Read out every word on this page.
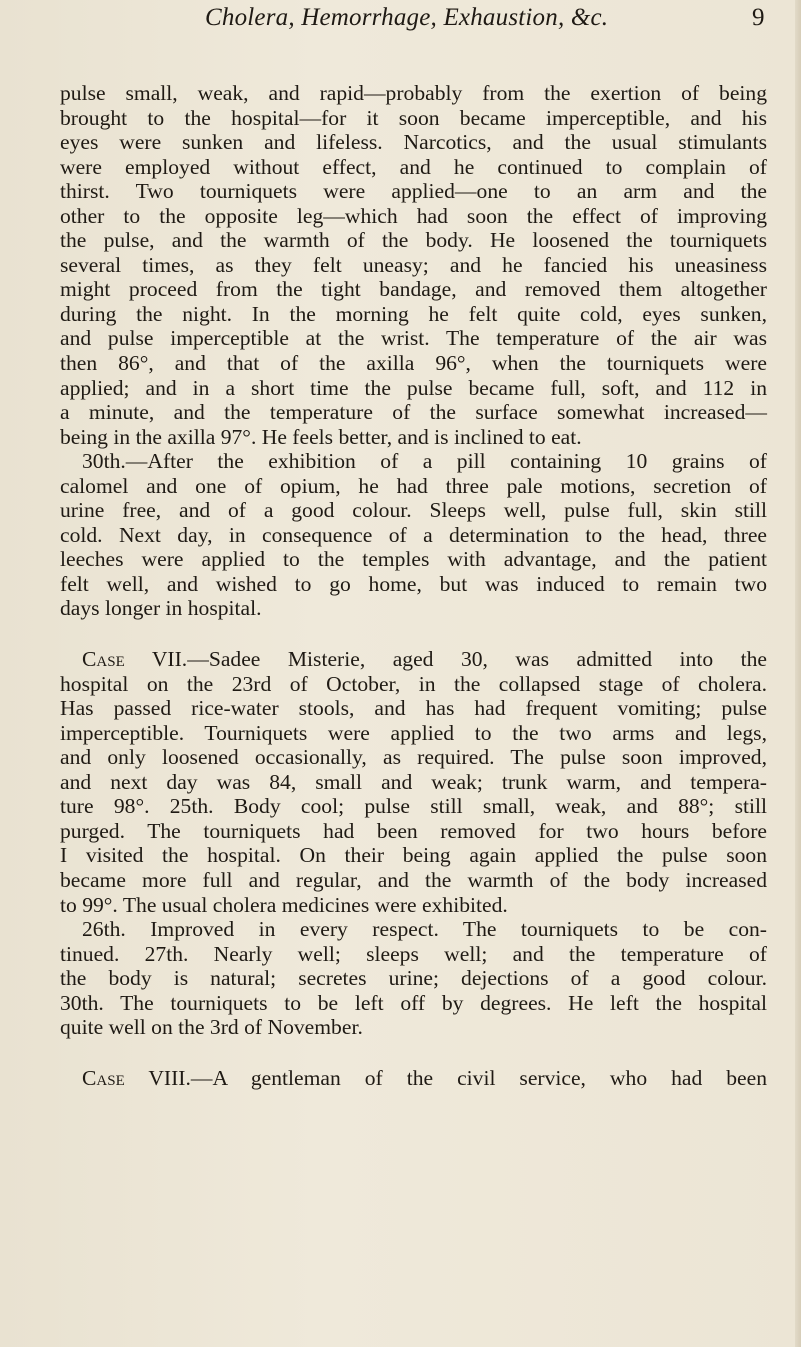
Cholera, Hemorrhage, Exhaustion, &c.	9
pulse small, weak, and rapid—probably from the exertion of being
brought to the hospital—for it soon became imperceptible, and his
eyes were sunken and lifeless. Narcotics, and the usual stimulants
were employed without effect, and he continued to complain of
thirst. Two tourniquets were applied—one to an arm and the
other to the opposite leg—which had soon the effect of improving
the pulse, and the warmth of the body. He loosened the tourniquets
several times, as they felt uneasy; and he fancied his uneasiness
might proceed from the tight bandage, and removed them altogether
during the night. In the morning he felt quite cold, eyes sunken,
and pulse imperceptible at the wrist. The temperature of the air was
then 86°, and that of the axilla 96°, when the tourniquets were
applied; and in a short time the pulse became full, soft, and 112 in
a minute, and the temperature of the surface somewhat increased—
being in the axilla 97°. He feels better, and is inclined to eat.
30th.—After the exhibition of a pill containing 10 grains of
calomel and one of opium, he had three pale motions, secretion of
urine free, and of a good colour. Sleeps well, pulse full, skin still
cold. Next day, in consequence of a determination to the head, three
leeches were applied to the temples with advantage, and the patient
felt well, and wished to go home, but was induced to remain two
days longer in hospital.
Case VII.—Sadee Misterie, aged 30, was admitted into the
hospital on the 23rd of October, in the collapsed stage of cholera.
Has passed rice-water stools, and has had frequent vomiting; pulse
imperceptible. Tourniquets were applied to the two arms and legs,
and only loosened occasionally, as required. The pulse soon improved,
and next day was 84, small and weak; trunk warm, and tempera-
ture 98°. 25th. Body cool; pulse still small, weak, and 88°; still
purged. The tourniquets had been removed for two hours before
I visited the hospital. On their being again applied the pulse soon
became more full and regular, and the warmth of the body increased
to 99°. The usual cholera medicines were exhibited.
26th. Improved in every respect. The tourniquets to be con-
tinued. 27th. Nearly well; sleeps well; and the temperature of
the body is natural; secretes urine; dejections of a good colour.
30th. The tourniquets to be left off by degrees. He left the hospital
quite well on the 3rd of November.
Case VIII.—A gentleman of the civil service, who had been
